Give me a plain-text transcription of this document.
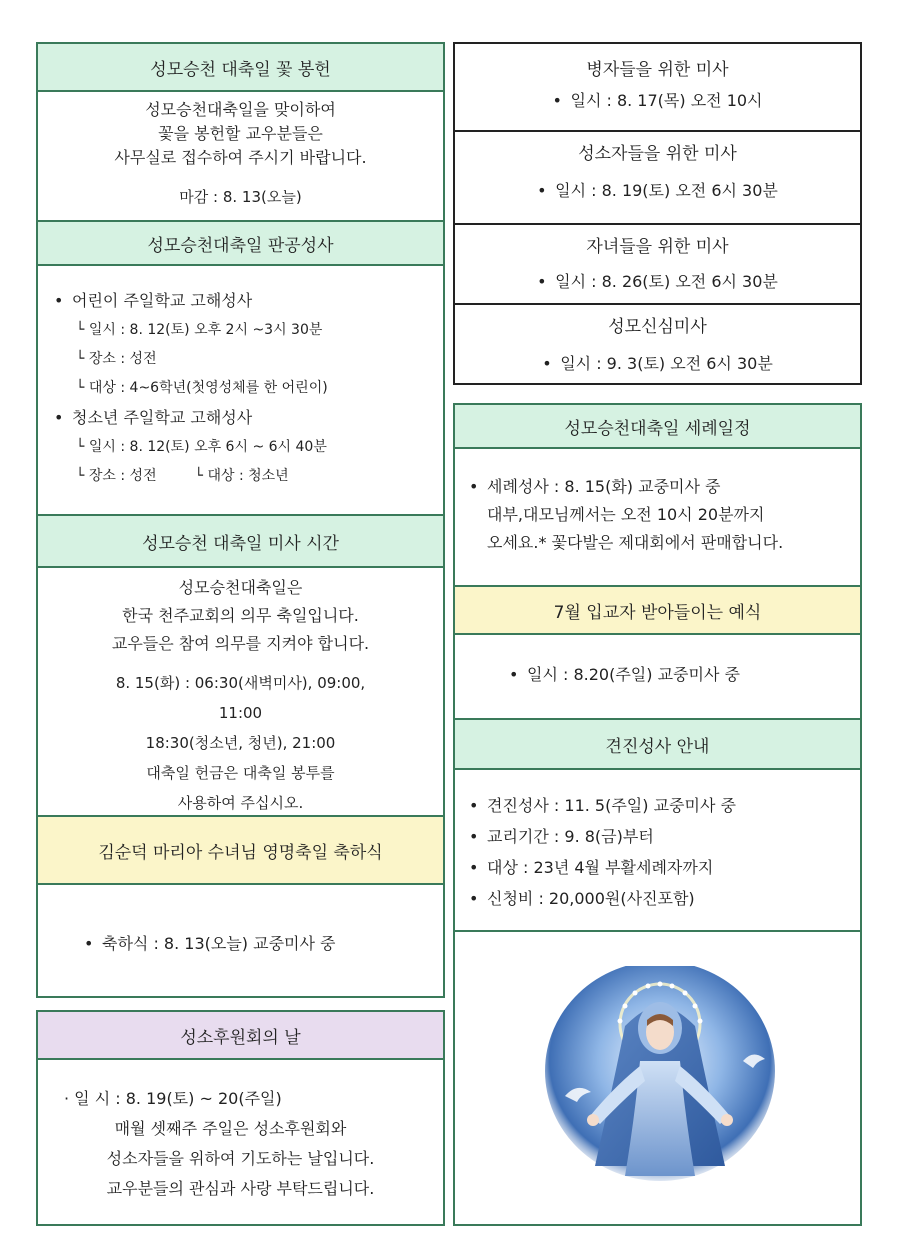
성모승천 대축일 꽃 봉헌
성모승천대축일을 맞이하여
꽃을 봉헌할 교우분들은
사무실로 접수하여 주시기 바랍니다.
마감 : 8. 13(오늘)
성모승천대축일 판공성사
• 어린이 주일학교 고해성사
└ 일시 : 8. 12(토) 오후 2시 ~3시 30분
└ 장소 : 성전
└ 대상 : 4~6학년(첫영성체를 한 어린이)
• 청소년 주일학교 고해성사
└ 일시 : 8. 12(토) 오후 6시 ~ 6시 40분
└ 장소 : 성전	└ 대상 : 청소년
성모승천 대축일 미사 시간
성모승천대축일은
한국 천주교회의 의무 축일입니다.
교우들은 참여 의무를 지켜야 합니다.
8. 15(화) : 06:30(새벽미사), 09:00,
11:00
18:30(청소년, 청년), 21:00
대축일 헌금은 대축일 봉투를
사용하여 주십시오.
김순덕 마리아 수녀님 영명축일 축하식
• 축하식 : 8. 13(오늘) 교중미사 중
성소후원회의 날
· 일 시 : 8. 19(토) ~ 20(주일)
매월 셋째주 주일은 성소후원회와
성소자들을 위하여 기도하는 날입니다.
교우분들의 관심과 사랑 부탁드립니다.
병자들을 위한 미사
• 일시 : 8. 17(목) 오전 10시
성소자들을 위한 미사
• 일시 : 8. 19(토) 오전 6시 30분
자녀들을 위한 미사
• 일시 : 8. 26(토) 오전 6시 30분
성모신심미사
• 일시 : 9. 3(토) 오전 6시 30분
성모승천대축일 세례일정
• 세례성사 : 8. 15(화) 교중미사 중
대부,대모님께서는 오전 10시 20분까지
오세요.* 꽃다발은 제대회에서 판매합니다.
7월 입교자 받아들이는 예식
• 일시 : 8.20(주일) 교중미사 중
견진성사 안내
• 견진성사 : 11. 5(주일) 교중미사 중
• 교리기간 : 9. 8(금)부터
• 대상 : 23년 4월 부활세례자까지
• 신청비 : 20,000원(사진포함)
